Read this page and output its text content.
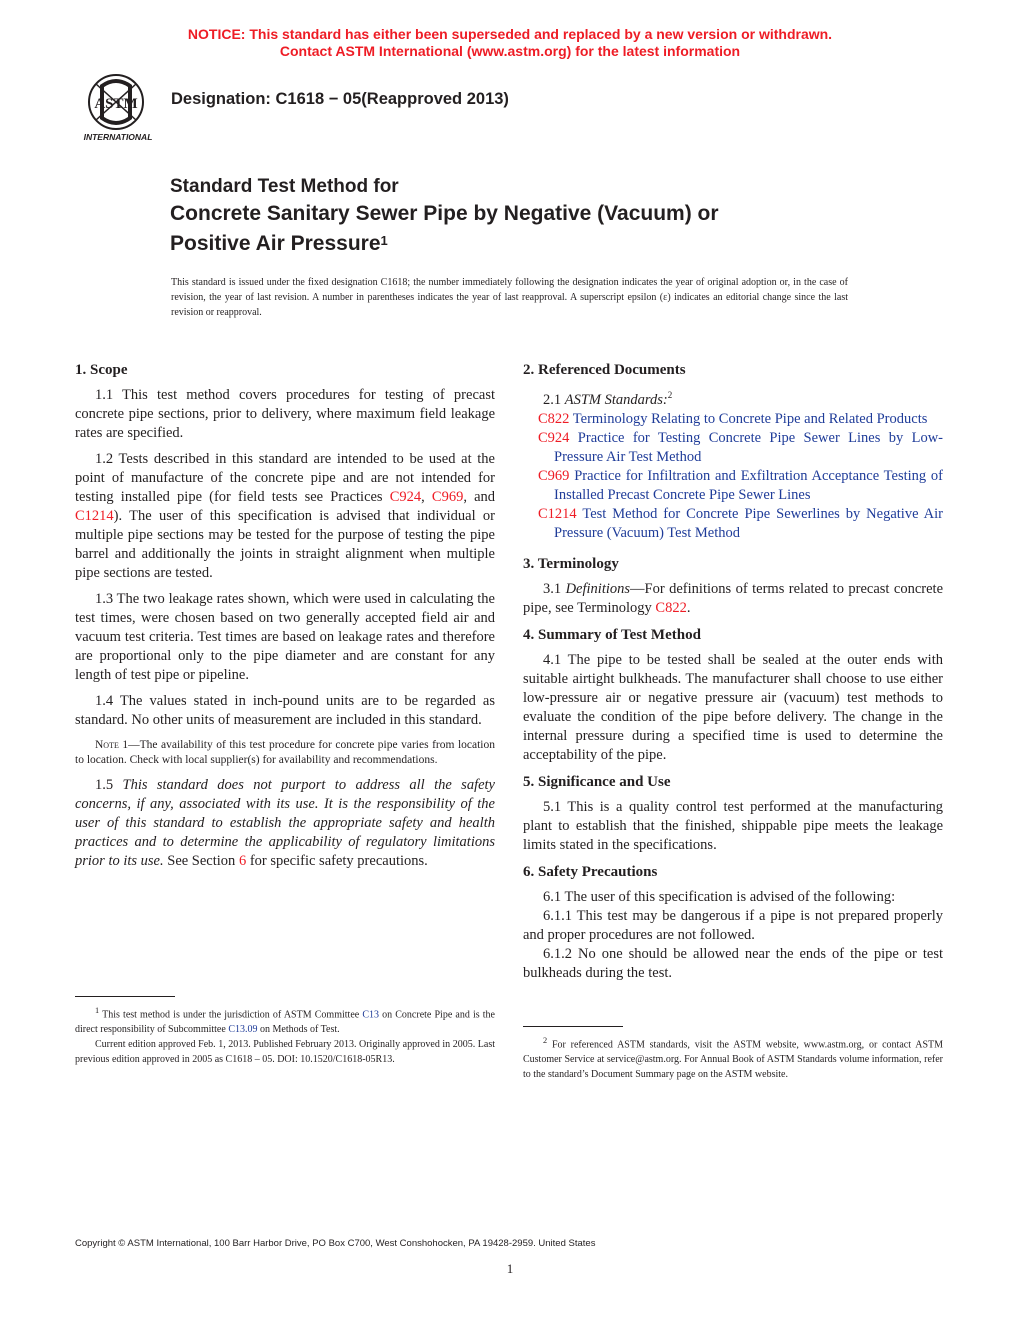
NOTICE: This standard has either been superseded and replaced by a new version or withdrawn.
Contact ASTM International (www.astm.org) for the latest information
ASTM
INTERNATIONAL
Designation: C1618 − 05(Reapproved 2013)
Standard Test Method for
Concrete Sanitary Sewer Pipe by Negative (Vacuum) or
Positive Air Pressure$^1$
This standard is issued under the fixed designation C1618; the number immediately following the designation indicates the year of original adoption or, in the case of revision, the year of last revision. A number in parentheses indicates the year of last reapproval. A superscript epsilon (ε) indicates an editorial change since the last revision or reapproval.
1. Scope

1.1 This test method covers procedures for testing of precast concrete pipe sections, prior to delivery, where maximum field leakage rates are specified.

1.2 Tests described in this standard are intended to be used at the point of manufacture of the concrete pipe and are not intended for testing installed pipe (for field tests see Practices C924, C969, and C1214). The user of this specification is advised that individual or multiple pipe sections may be tested for the purpose of testing the pipe barrel and additionally the joints in straight alignment when multiple pipe sections are tested.

1.3 The two leakage rates shown, which were used in calculating the test times, were chosen based on two generally accepted field air and vacuum test criteria. Test times are based on leakage rates and therefore are proportional only to the pipe diameter and are constant for any length of test pipe or pipeline.

1.4 The values stated in inch-pound units are to be regarded as standard. No other units of measurement are included in this standard.

Note 1—The availability of this test procedure for concrete pipe varies from location to location. Check with local supplier(s) for availability and recommendations.

1.5 This standard does not purport to address all the safety concerns, if any, associated with its use. It is the responsibility of the user of this standard to establish the appropriate safety and health practices and to determine the applicability of regulatory limitations prior to its use. See Section 6 for specific safety precautions.

$^1$ This test method is under the jurisdiction of ASTM Committee C13 on Concrete Pipe and is the direct responsibility of Subcommittee C13.09 on Methods of Test.

Current edition approved Feb. 1, 2013. Published February 2013. Originally approved in 2005. Last previous edition approved in 2005 as C1618 – 05. DOI: 10.1520/C1618-05R13.

2. Referenced Documents

2.1 ASTM Standards:$^2$

C822 Terminology Relating to Concrete Pipe and Related Products

C924 Practice for Testing Concrete Pipe Sewer Lines by Low-Pressure Air Test Method

C969 Practice for Infiltration and Exfiltration Acceptance Testing of Installed Precast Concrete Pipe Sewer Lines

C1214 Test Method for Concrete Pipe Sewerlines by Negative Air Pressure (Vacuum) Test Method

3. Terminology

3.1 Definitions—For definitions of terms related to precast concrete pipe, see Terminology C822.

4. Summary of Test Method

4.1 The pipe to be tested shall be sealed at the outer ends with suitable airtight bulkheads. The manufacturer shall choose to use either low-pressure air or negative pressure air (vacuum) test methods to evaluate the condition of the pipe before delivery. The change in the internal pressure during a specified time is used to determine the acceptability of the pipe.

5. Significance and Use

5.1 This is a quality control test performed at the manufacturing plant to establish that the finished, shippable pipe meets the leakage limits stated in the specifications.

6. Safety Precautions

6.1 The user of this specification is advised of the following:

6.1.1 This test may be dangerous if a pipe is not prepared properly and proper procedures are not followed.

6.1.2 No one should be allowed near the ends of the pipe or test bulkheads during the test.

$^2$ For referenced ASTM standards, visit the ASTM website, www.astm.org, or contact ASTM Customer Service at service@astm.org. For Annual Book of ASTM Standards volume information, refer to the standard’s Document Summary page on the ASTM website.

Copyright © ASTM International, 100 Barr Harbor Drive, PO Box C700, West Conshohocken, PA 19428-2959. United States
1
